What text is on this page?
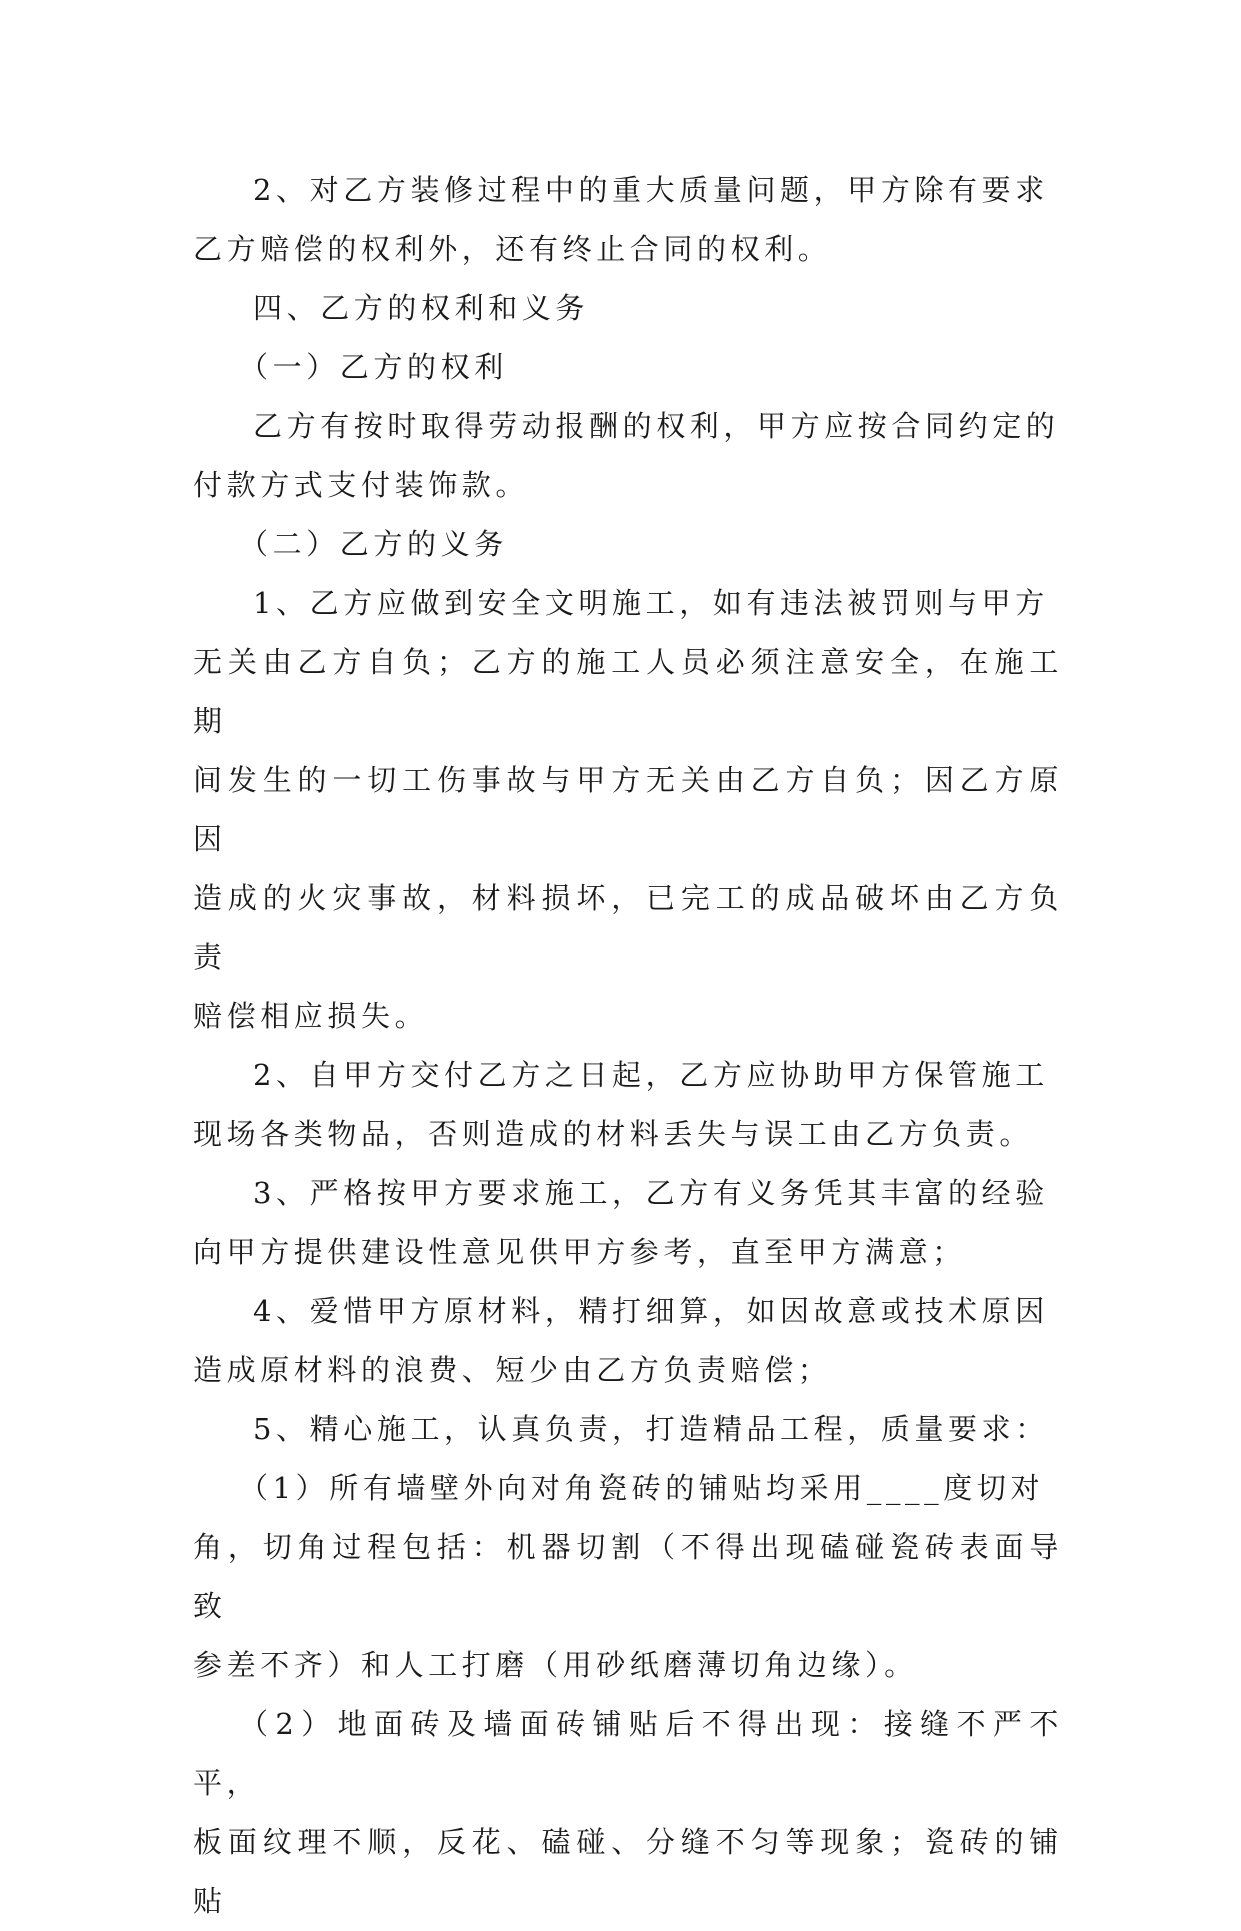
2、对乙方装修过程中的重大质量问题，甲方除有要求
乙方赔偿的权利外，还有终止合同的权利。

四、乙方的权利和义务

（一）乙方的权利

乙方有按时取得劳动报酬的权利，甲方应按合同约定的
付款方式支付装饰款。

（二）乙方的义务

1、乙方应做到安全文明施工，如有违法被罚则与甲方
无关由乙方自负；乙方的施工人员必须注意安全，在施工期
间发生的一切工伤事故与甲方无关由乙方自负；因乙方原因
造成的火灾事故，材料损坏，已完工的成品破坏由乙方负责
赔偿相应损失。

2、自甲方交付乙方之日起，乙方应协助甲方保管施工
现场各类物品，否则造成的材料丢失与误工由乙方负责。

3、严格按甲方要求施工，乙方有义务凭其丰富的经验
向甲方提供建设性意见供甲方参考，直至甲方满意；

4、爱惜甲方原材料，精打细算，如因故意或技术原因
造成原材料的浪费、短少由乙方负责赔偿；

5、精心施工，认真负责，打造精品工程，质量要求：

（1）所有墙壁外向对角瓷砖的铺贴均采用____度切对
角，切角过程包括：机器切割（不得出现磕碰瓷砖表面导致
参差不齐）和人工打磨（用砂纸磨薄切角边缘）。

（2）地面砖及墙面砖铺贴后不得出现：接缝不严不平，
板面纹理不顺，反花、磕碰、分缝不匀等现象；瓷砖的铺贴
